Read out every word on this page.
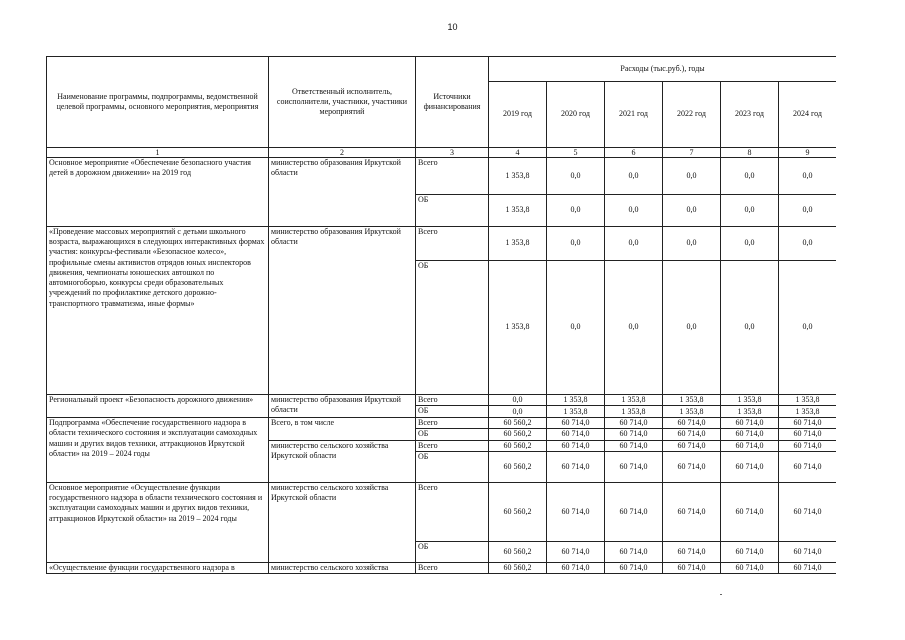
10
Наименование программы, подпрограммы, ведомственной целевой программы, основного мероприятия, мероприятия	Ответственный исполнитель, соисполнители, участники, участники мероприятий	Источники финансирования	Расходы (тыс.руб.), годы					
			2019 год	2020 год	2021 год	2022 год	2023 год	2024 год
1	2	3	4	5	6	7	8	9
Основное мероприятие «Обеспечение безопасного участия детей в дорожном движении» на 2019 год	министерство образования Иркутской области	Всего	1 353,8	0,0	0,0	0,0	0,0	0,0
		ОБ	1 353,8	0,0	0,0	0,0	0,0	0,0
«Проведение массовых мероприятий с детьми школьного возраста, выражающихся в следующих интерактивных формах участия: конкурсы-фестивали «Безопасное колесо», профильные смены активистов отрядов юных инспекторов движения, чемпионаты юношеских автошкол по автомногоборью, конкурсы среди образовательных учреждений по профилактике детского дорожно-транспортного травматизма, иные формы»	министерство образования Иркутской области	Всего	1 353,8	0,0	0,0	0,0	0,0	0,0
		ОБ	1 353,8	0,0	0,0	0,0	0,0	0,0
Региональный проект «Безопасность дорожного движения»	министерство образования Иркутской области	Всего	0,0	1 353,8	1 353,8	1 353,8	1 353,8	1 353,8
		ОБ	0,0	1 353,8	1 353,8	1 353,8	1 353,8	1 353,8
Подпрограмма «Обеспечение государственного надзора в области технического состояния и эксплуатации самоходных машин и других видов техники, аттракционов Иркутской области» на 2019 – 2024 годы	Всего, в том числе	Всего	60 560,2	60 714,0	60 714,0	60 714,0	60 714,0	60 714,0
		ОБ	60 560,2	60 714,0	60 714,0	60 714,0	60 714,0	60 714,0
	министерство сельского хозяйства Иркутской области	Всего	60 560,2	60 714,0	60 714,0	60 714,0	60 714,0	60 714,0
		ОБ	60 560,2	60 714,0	60 714,0	60 714,0	60 714,0	60 714,0
Основное мероприятие «Осуществление функции государственного надзора в области технического состояния и эксплуатации самоходных машин и других видов техники, аттракционов Иркутской области» на 2019 – 2024 годы	министерство сельского хозяйства Иркутской области	Всего	60 560,2	60 714,0	60 714,0	60 714,0	60 714,0	60 714,0
		ОБ	60 560,2	60 714,0	60 714,0	60 714,0	60 714,0	60 714,0
«Осуществление функции государственного надзора в	министерство сельского хозяйства	Всего	60 560,2	60 714,0	60 714,0	60 714,0	60 714,0	60 714,0
